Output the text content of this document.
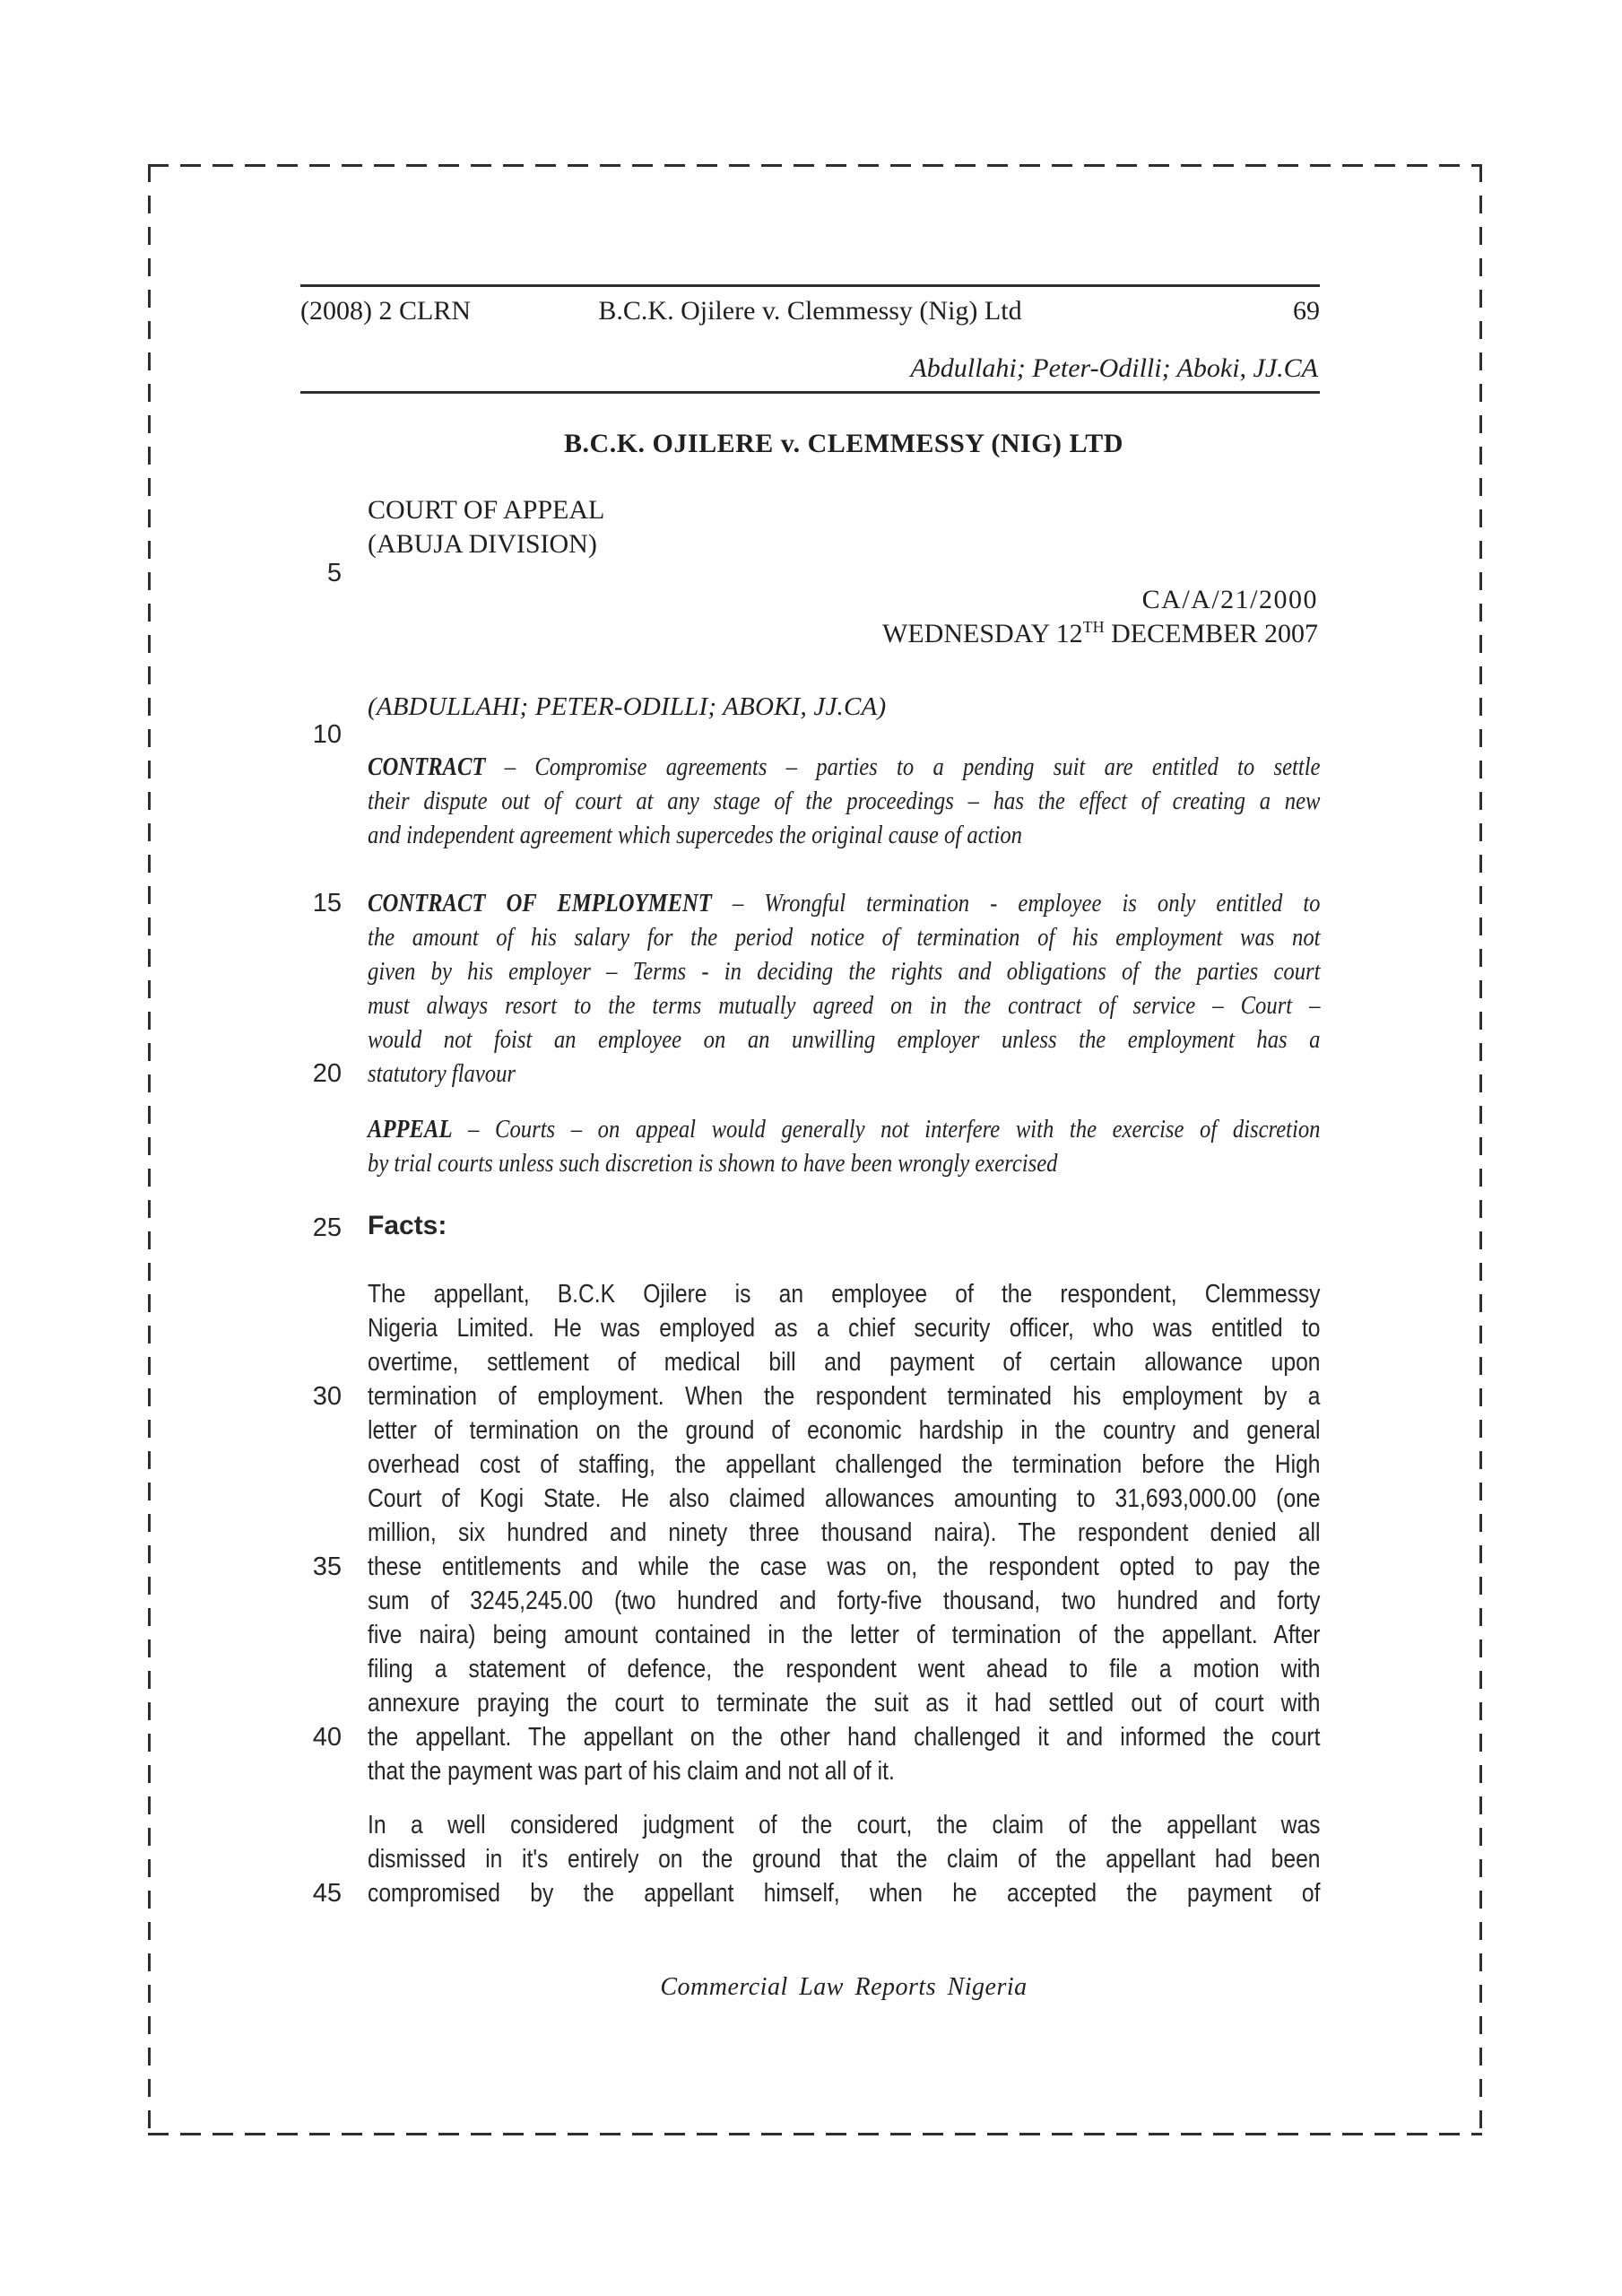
(2008) 2 CLRN	B.C.K. Ojilere v. Clemmessy (Nig) Ltd	69
Abdullahi; Peter-Odilli; Aboki, JJ.CA
B.C.K. OJILERE v. CLEMMESSY (NIG) LTD
COURT OF APPEAL
(ABUJA DIVISION)
CA/A/21/2000
WEDNESDAY 12TH DECEMBER 2007
(ABDULLAHI; PETER-ODILLI; ABOKI, JJ.CA)
CONTRACT – Compromise agreements – parties to a pending suit are entitled to settle
their dispute out of court at any stage of the proceedings – has the effect of creating a new
and independent agreement which supercedes the original cause of action
CONTRACT OF EMPLOYMENT – Wrongful termination - employee is only entitled to
the amount of his salary for the period notice of termination of his employment was not
given by his employer – Terms - in deciding the rights and obligations of the parties court
must always resort to the terms mutually agreed on in the contract of service – Court –
would not foist an employee on an unwilling employer unless the employment has a
statutory flavour
APPEAL – Courts – on appeal would generally not interfere with the exercise of discretion
by trial courts unless such discretion is shown to have been wrongly exercised
Facts:
The appellant, B.C.K Ojilere is an employee of the respondent, Clemmessy
Nigeria Limited. He was employed as a chief security officer, who was entitled to
overtime, settlement of medical bill and payment of certain allowance upon
termination of employment. When the respondent terminated his employment by a
letter of termination on the ground of economic hardship in the country and general
overhead cost of staffing, the appellant challenged the termination before the High
Court of Kogi State. He also claimed allowances amounting to 31,693,000.00 (one
million, six hundred and ninety three thousand naira). The respondent denied all
these entitlements and while the case was on, the respondent opted to pay the
sum of 3245,245.00 (two hundred and forty-five thousand, two hundred and forty
five naira) being amount contained in the letter of termination of the appellant. After
filing a statement of defence, the respondent went ahead to file a motion with
annexure praying the court to terminate the suit as it had settled out of court with
the appellant. The appellant on the other hand challenged it and informed the court
that the payment was part of his claim and not all of it.
In a well considered judgment of the court, the claim of the appellant was
dismissed in it's entirely on the ground that the claim of the appellant had been
compromised by the appellant himself, when he accepted the payment of
5
10
15
20
25
30
35
40
45
Commercial Law Reports Nigeria
